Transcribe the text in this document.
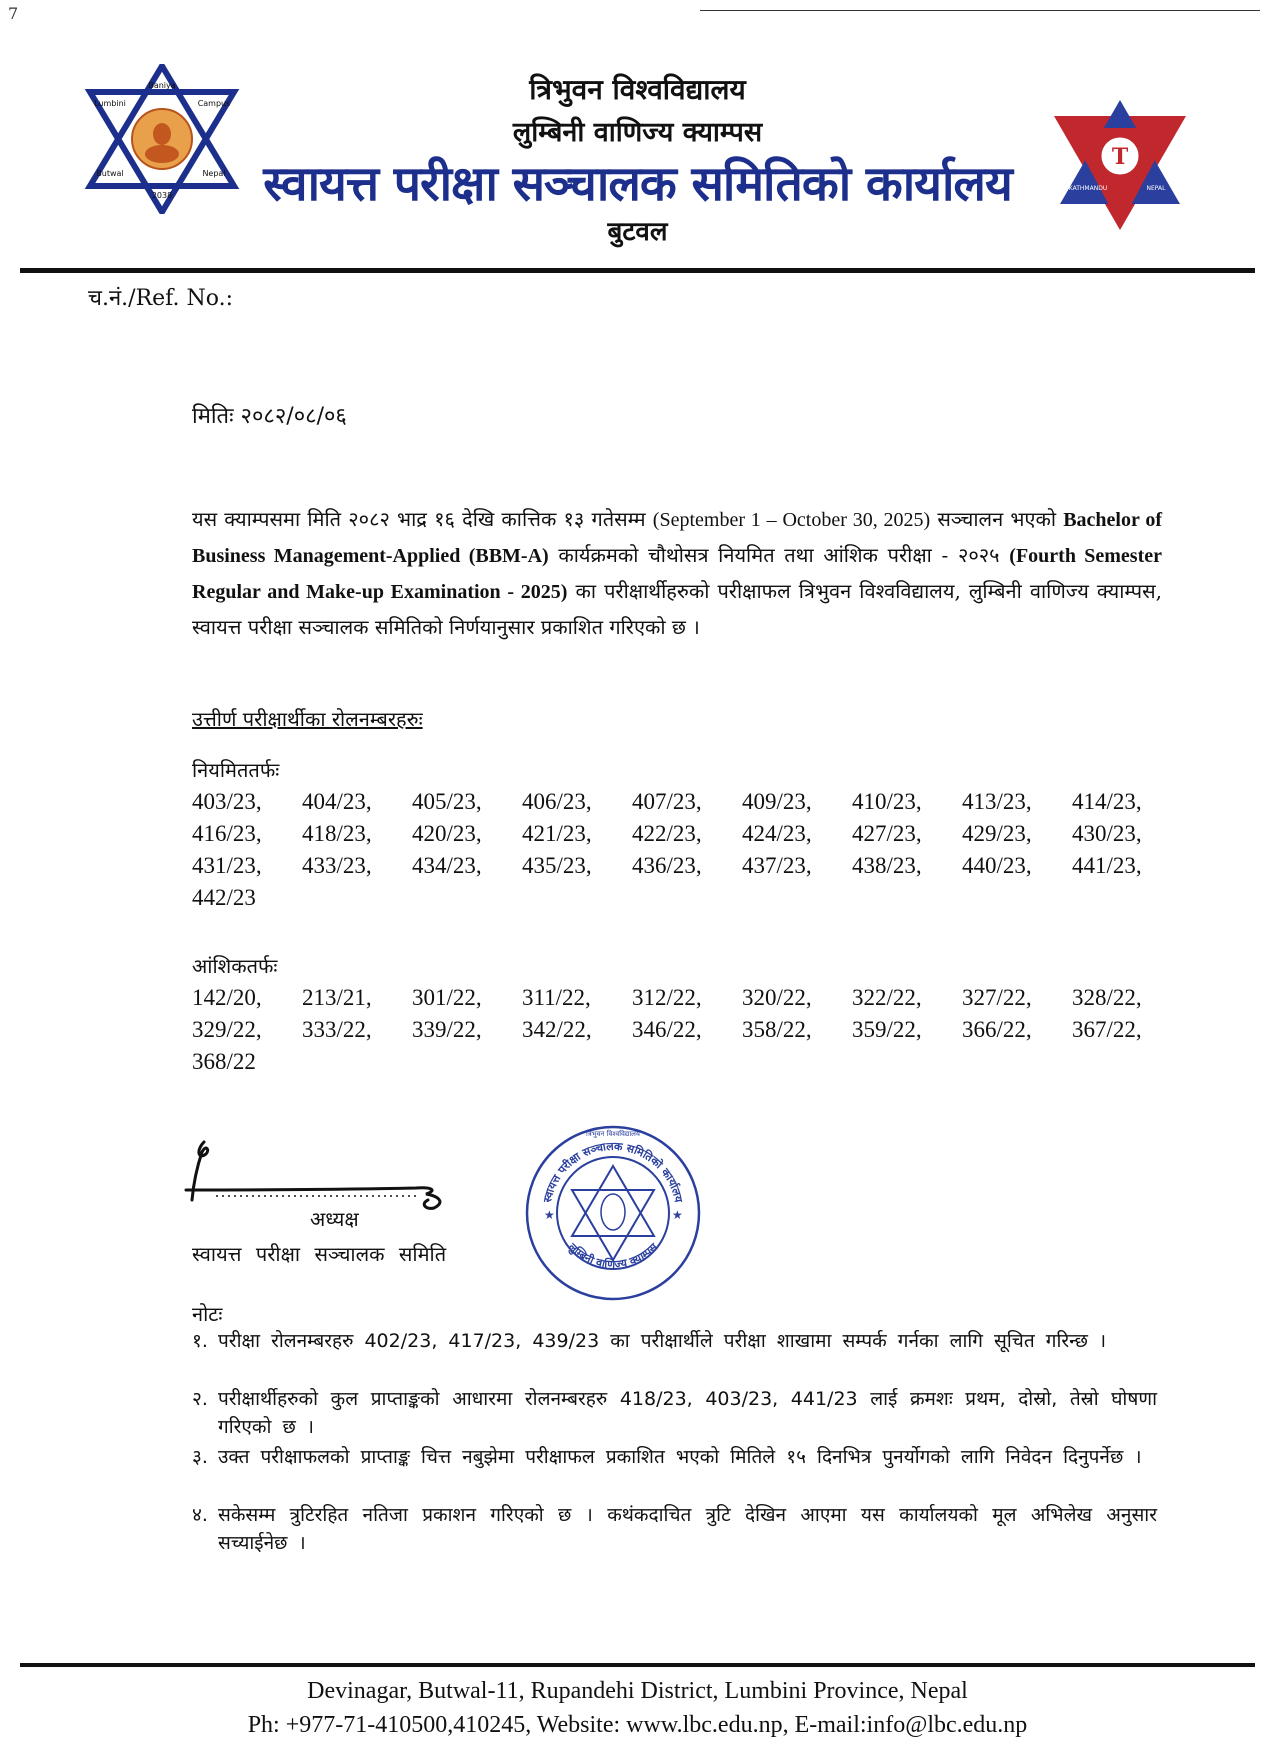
7
Baniya
Lumbini	Campus
Butwal	Nepal
2038
त्रिभुवन विश्वविद्यालय
लुम्बिनी वाणिज्य क्याम्पस
स्वायत्त परीक्षा सञ्चालक समितिको कार्यालय
बुटवल
T
KATHMANDU	NEPAL
च.नं./Ref. No.:
मितिः २०८२/०८/०६
यस क्याम्पसमा मिति २०८२ भाद्र १६ देखि कात्तिक १३ गतेसम्म (September 1 – October 30, 2025) सञ्चालन भएको Bachelor of Business Management-Applied (BBM-A) कार्यक्रमको चौथोसत्र नियमित तथा आंशिक परीक्षा - २०२५ (Fourth Semester Regular and Make-up Examination - 2025) का परीक्षार्थीहरुको परीक्षाफल त्रिभुवन विश्वविद्यालय, लुम्बिनी वाणिज्य क्याम्पस, स्वायत्त परीक्षा सञ्चालक समितिको निर्णयानुसार प्रकाशित गरिएको छ ।
उत्तीर्ण परीक्षार्थीका रोलनम्बरहरुः
नियमिततर्फः
403/23,	404/23,	405/23,	406/23,	407/23,	409/23,	410/23,	413/23,	414/23,
416/23,	418/23,	420/23,	421/23,	422/23,	424/23,	427/23,	429/23,	430/23,
431/23,	433/23,	434/23,	435/23,	436/23,	437/23,	438/23,	440/23,	441/23,
442/23
आंशिकतर्फः
142/20,	213/21,	301/22,	311/22,	312/22,	320/22,	322/22,	327/22,	328/22,
329/22,	333/22,	339/22,	342/22,	346/22,	358/22,	359/22,	366/22,	367/22,
368/22
अध्यक्ष
स्वायत्त परीक्षा सञ्चालक समिति
स्वायत्त परीक्षा सञ्चालक समितिको कार्यालय
लुम्बिनी वाणिज्य क्याम्पस
त्रिभुवन विश्वविद्यालय
★	★
नोटः
१. परीक्षा रोलनम्बरहरु 402/23, 417/23, 439/23 का परीक्षार्थीले परीक्षा शाखामा सम्पर्क गर्नका लागि सूचित गरिन्छ ।
२. परीक्षार्थीहरुको कुल प्राप्ताङ्कको आधारमा रोलनम्बरहरु 418/23, 403/23, 441/23 लाई क्रमशः प्रथम, दोस्रो, तेस्रो घोषणा गरिएको छ ।
३. उक्त परीक्षाफलको प्राप्ताङ्क चित्त नबुझेमा परीक्षाफल प्रकाशित भएको मितिले १५ दिनभित्र पुनर्योगको लागि निवेदन दिनुपर्नेछ ।
४. सकेसम्म त्रुटिरहित नतिजा प्रकाशन गरिएको छ । कथंकदाचित त्रुटि देखिन आएमा यस कार्यालयको मूल अभिलेख अनुसार सच्याईनेछ ।
Devinagar, Butwal-11, Rupandehi District, Lumbini Province, Nepal
Ph: +977-71-410500,410245, Website: www.lbc.edu.np, E-mail:info@lbc.edu.np
